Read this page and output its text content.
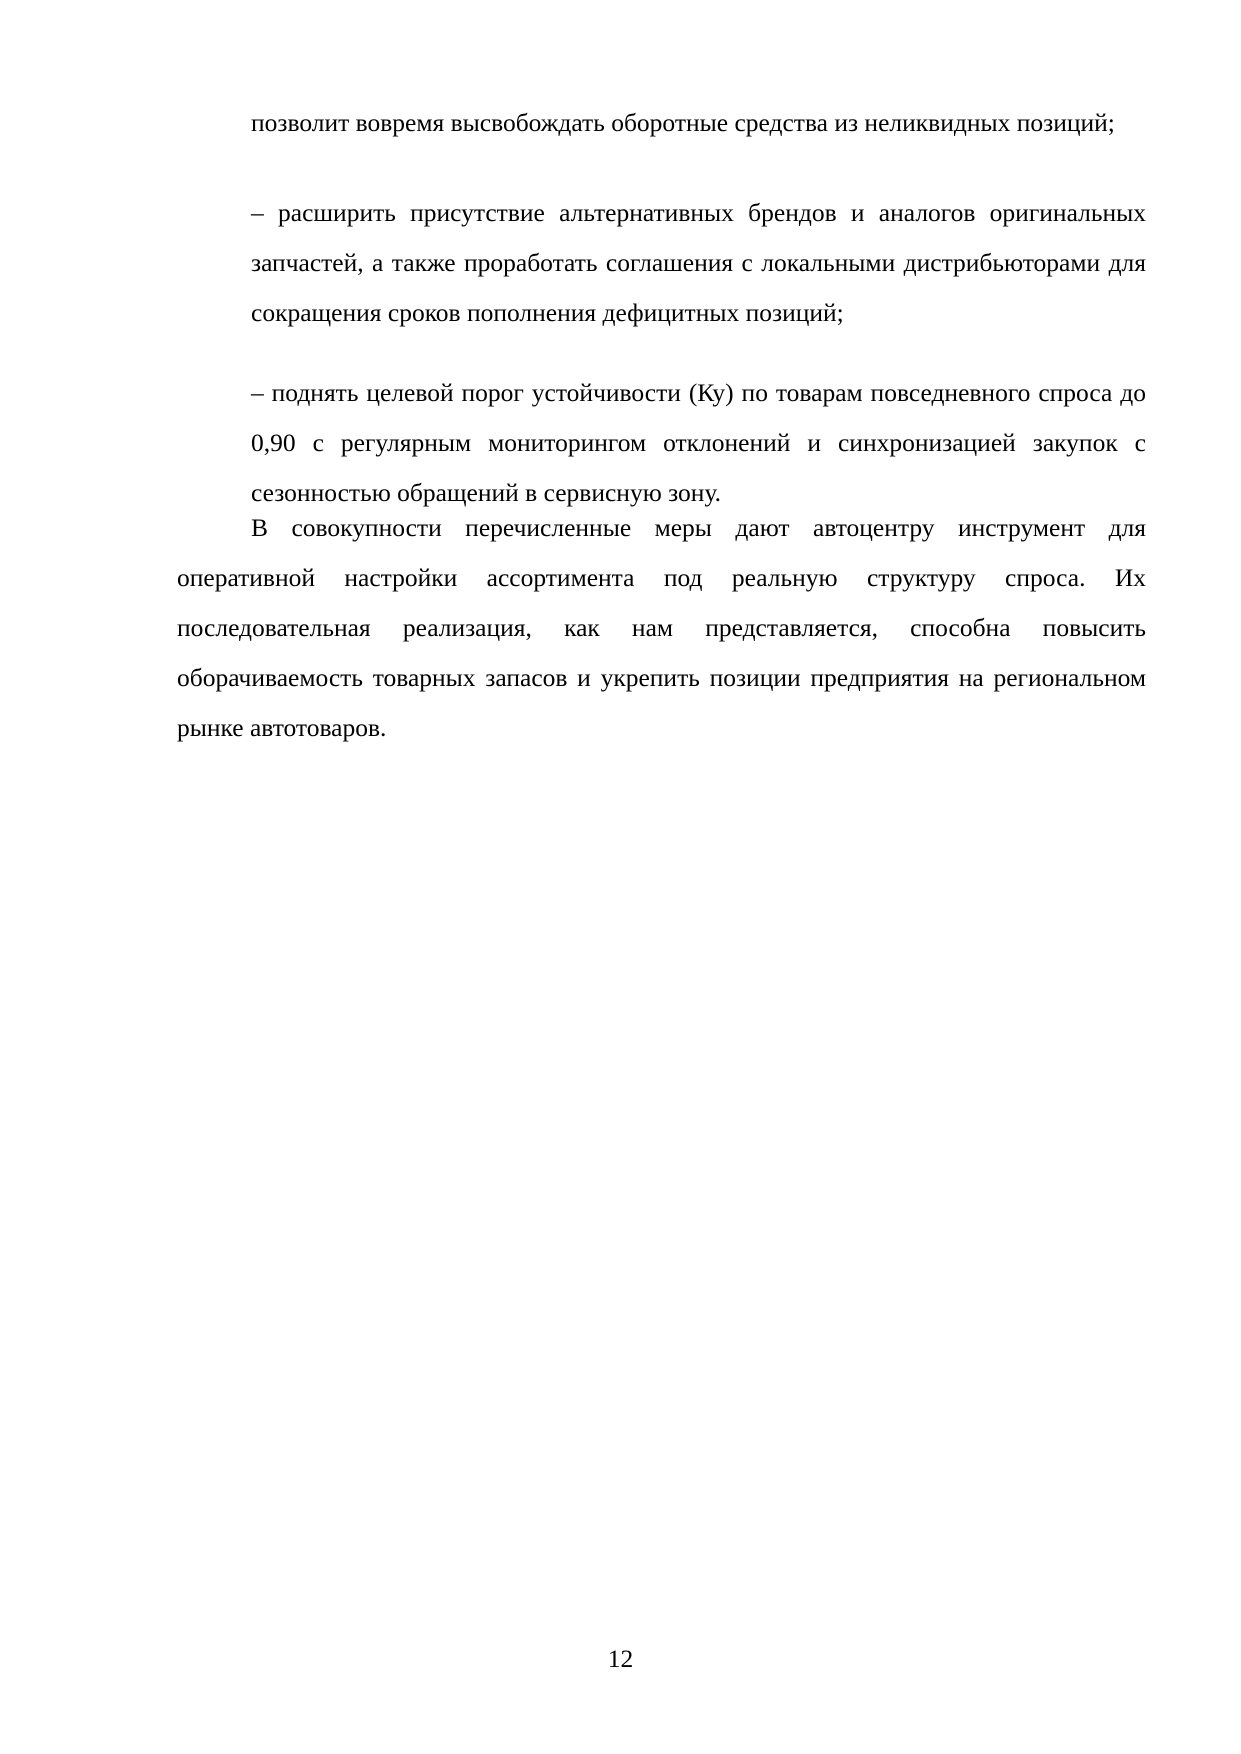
позволит вовремя высвобождать оборотные средства из неликвидных позиций;

– расширить присутствие альтернативных брендов и аналогов оригинальных запчастей, а также проработать соглашения с локальными дистрибьюторами для сокращения сроков пополнения дефицитных позиций;

– поднять целевой порог устойчивости (Ку) по товарам повседневного спроса до 0,90 с регулярным мониторингом отклонений и синхронизацией закупок с сезонностью обращений в сервисную зону.

В совокупности перечисленные меры дают автоцентру инструмент для оперативной настройки ассортимента под реальную структуру спроса. Их последовательная реализация, как нам представляется, способна повысить оборачиваемость товарных запасов и укрепить позиции предприятия на региональном рынке автотоваров.

12
